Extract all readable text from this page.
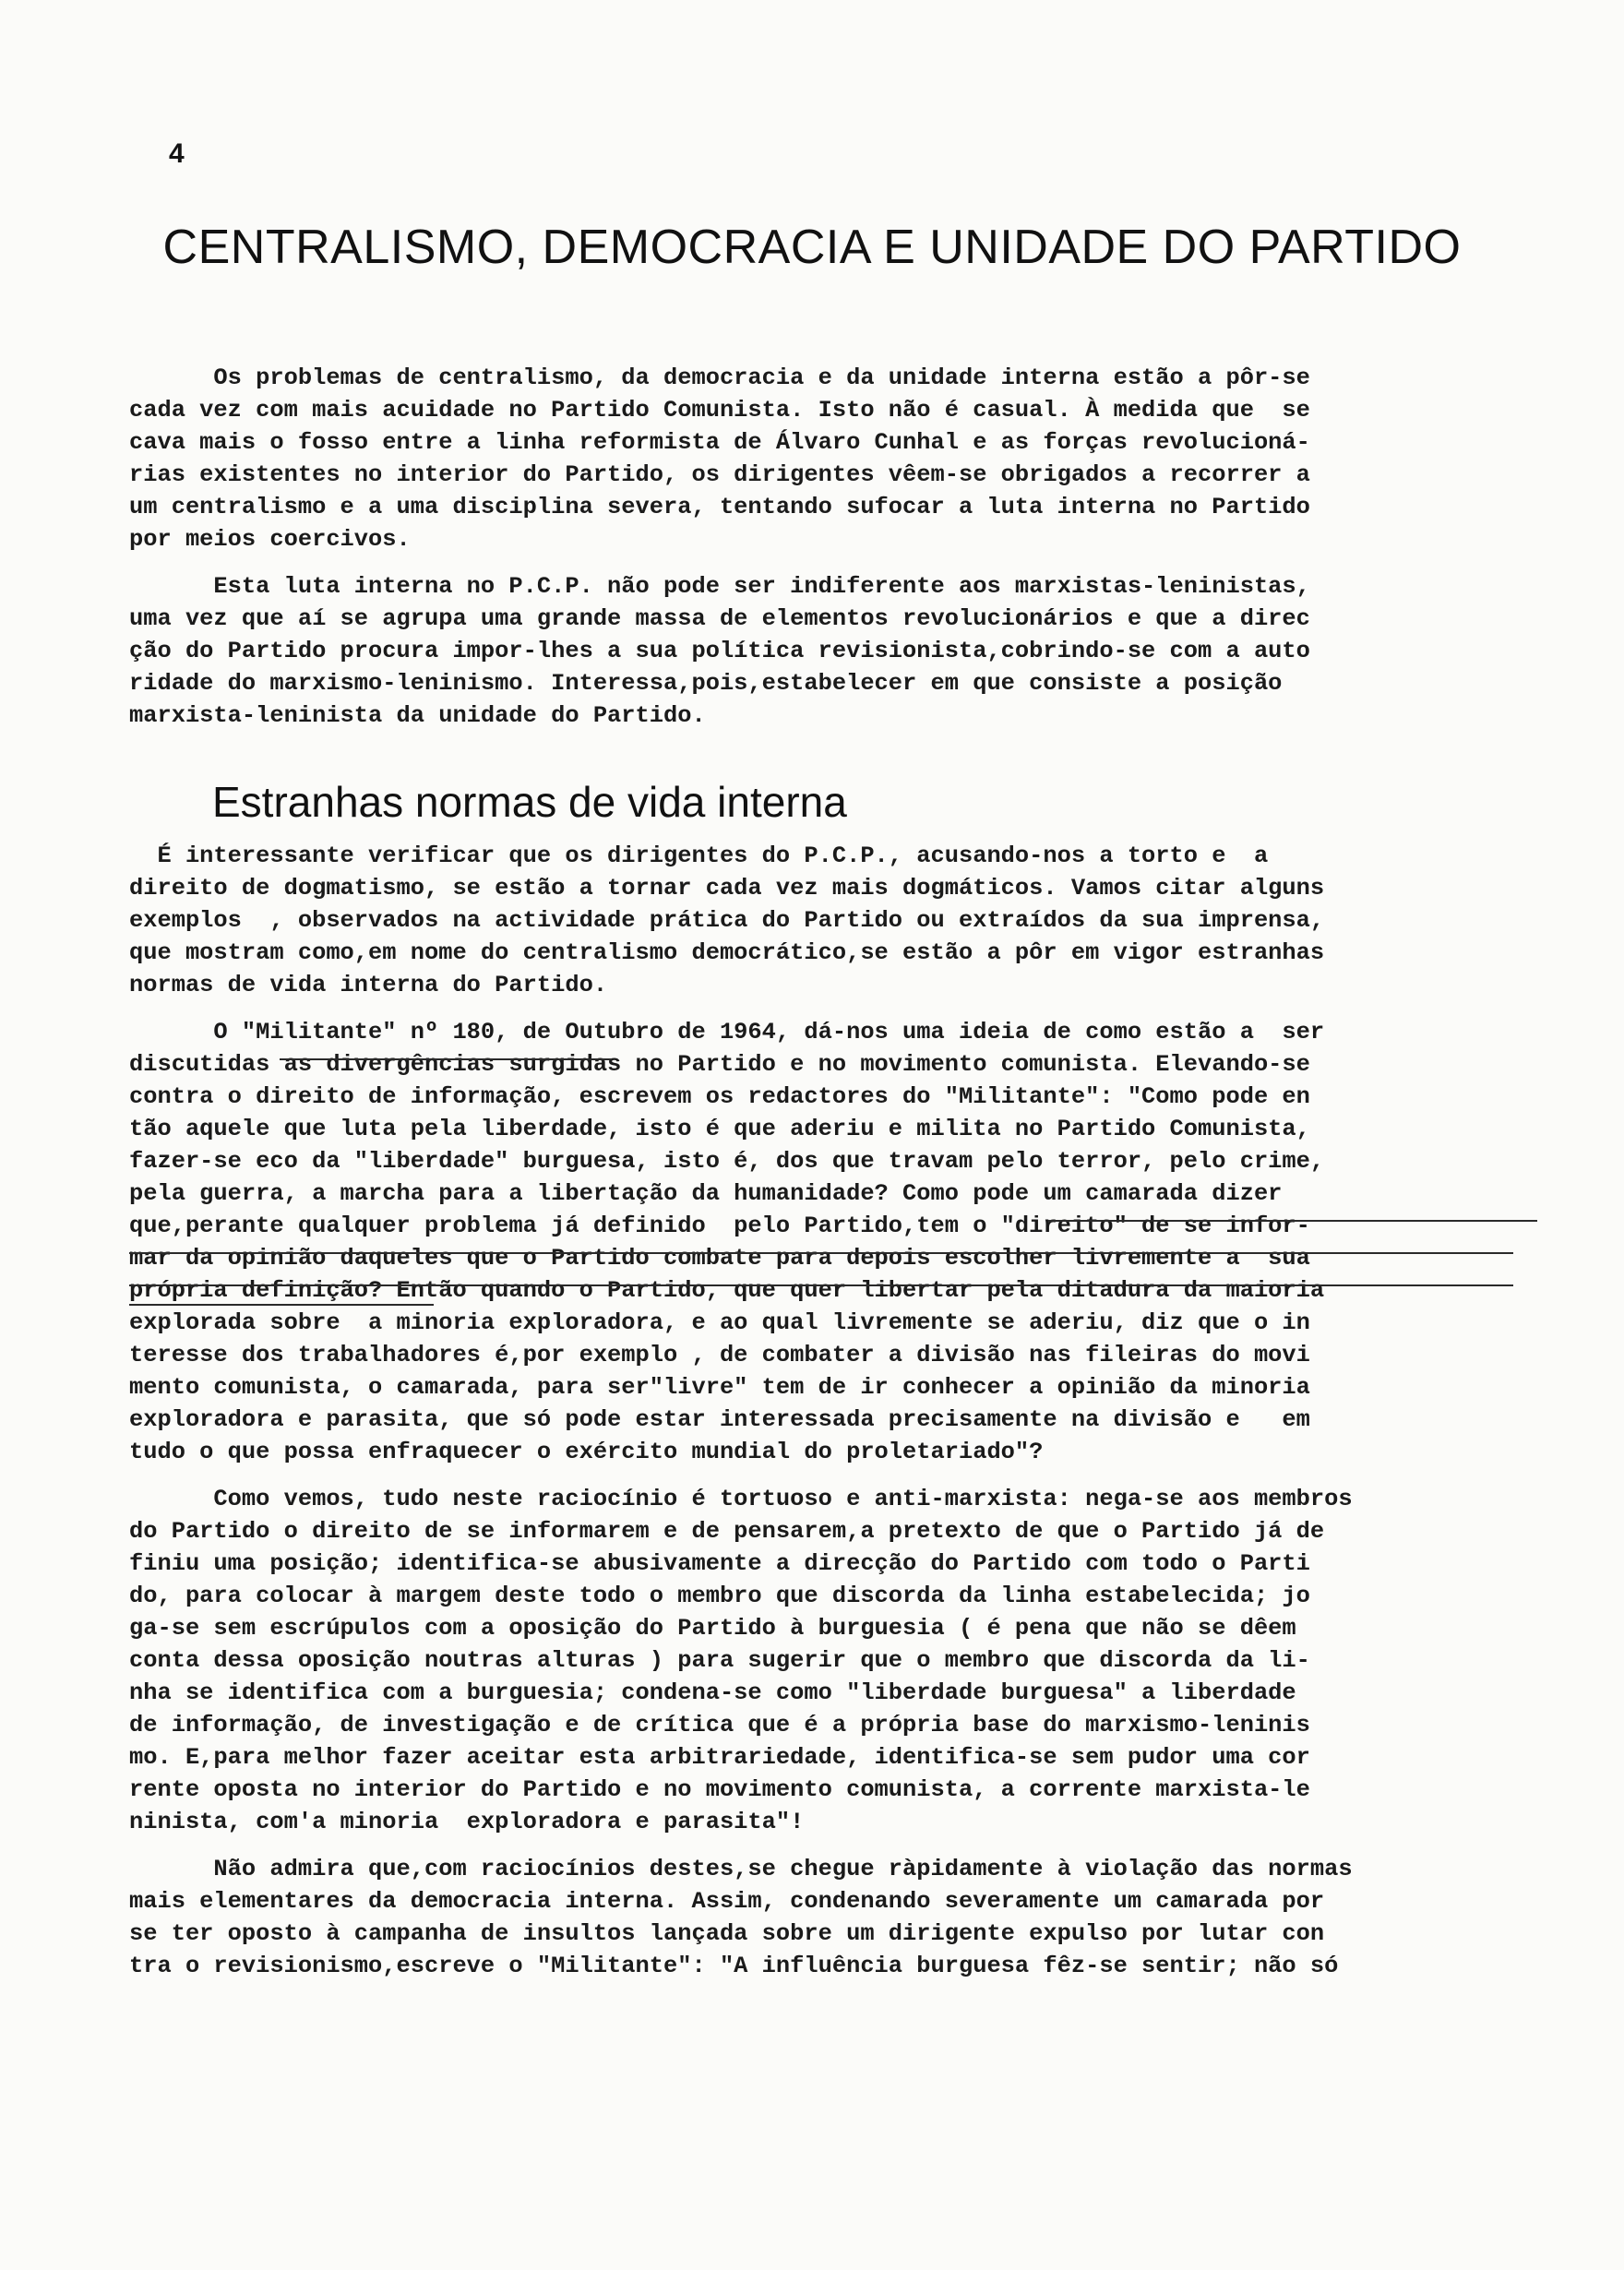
4
CENTRALISMO, DEMOCRACIA E UNIDADE DO PARTIDO
Os problemas de centralismo, da democracia e da unidade interna estão a pôr-se
cada vez com mais acuidade no Partido Comunista. Isto não é casual. À medida que  se
cava mais o fosso entre a linha reformista de Álvaro Cunhal e as forças revolucioná-
rias existentes no interior do Partido, os dirigentes vêem-se obrigados a recorrer a
um centralismo e a uma disciplina severa, tentando sufocar a luta interna no Partido
por meios coercivos.

Esta luta interna no P.C.P. não pode ser indiferente aos marxistas-leninistas,
uma vez que aí se agrupa uma grande massa de elementos revolucionários e que a direc
ção do Partido procura impor-lhes a sua política revisionista,cobrindo-se com a auto
ridade do marxismo-leninismo. Interessa,pois,estabelecer em que consiste a posição
marxista-leninista da unidade do Partido.
Estranhas normas de vida interna
É interessante verificar que os dirigentes do P.C.P., acusando-nos a torto e  a
direito de dogmatismo, se estão a tornar cada vez mais dogmáticos. Vamos citar alguns
exemplos  , observados na actividade prática do Partido ou extraídos da sua imprensa,
que mostram como,em nome do centralismo democrático,se estão a pôr em vigor estranhas
normas de vida interna do Partido.

O "Militante" nº 180, de Outubro de 1964, dá-nos uma ideia de como estão a  ser
discutidas as divergências surgidas no Partido e no movimento comunista. Elevando-se
contra o direito de informação, escrevem os redactores do "Militante": "Como pode en
tão aquele que luta pela liberdade, isto é que aderiu e milita no Partido Comunista,
fazer-se eco da "liberdade" burguesa, isto é, dos que travam pelo terror, pelo crime,
pela guerra, a marcha para a libertação da humanidade? Como pode um camarada dizer
que,perante qualquer problema já definido  pelo Partido,tem o "direito" de se infor-
mar da opinião daqueles que o Partido combate para depois escolher livremente a  sua
própria definição? Então quando o Partido, que quer libertar pela ditadura da maioria
explorada sobre  a minoria exploradora, e ao qual livremente se aderiu, diz que o in
teresse dos trabalhadores é,por exemplo , de combater a divisão nas fileiras do movi
mento comunista, o camarada, para ser"livre" tem de ir conhecer a opinião da minoria
exploradora e parasita, que só pode estar interessada precisamente na divisão e   em
tudo o que possa enfraquecer o exército mundial do proletariado"?

Como vemos, tudo neste raciocínio é tortuoso e anti-marxista: nega-se aos membros
do Partido o direito de se informarem e de pensarem,a pretexto de que o Partido já de
finiu uma posição; identifica-se abusivamente a direcção do Partido com todo o Parti
do, para colocar à margem deste todo o membro que discorda da linha estabelecida; jo
ga-se sem escrúpulos com a oposição do Partido à burguesia ( é pena que não se dêem
conta dessa oposição noutras alturas ) para sugerir que o membro que discorda da li-
nha se identifica com a burguesia; condena-se como "liberdade burguesa" a liberdade
de informação, de investigação e de crítica que é a própria base do marxismo-leninis
mo. E,para melhor fazer aceitar esta arbitrariedade, identifica-se sem pudor uma cor
rente oposta no interior do Partido e no movimento comunista, a corrente marxista-le
ninista, com'a minoria  exploradora e parasita"!

Não admira que,com raciocínios destes,se chegue ràpidamente à violação das normas
mais elementares da democracia interna. Assim, condenando severamente um camarada por
se ter oposto à campanha de insultos lançada sobre um dirigente expulso por lutar con
tra o revisionismo,escreve o "Militante": "A influência burguesa fêz-se sentir; não só
